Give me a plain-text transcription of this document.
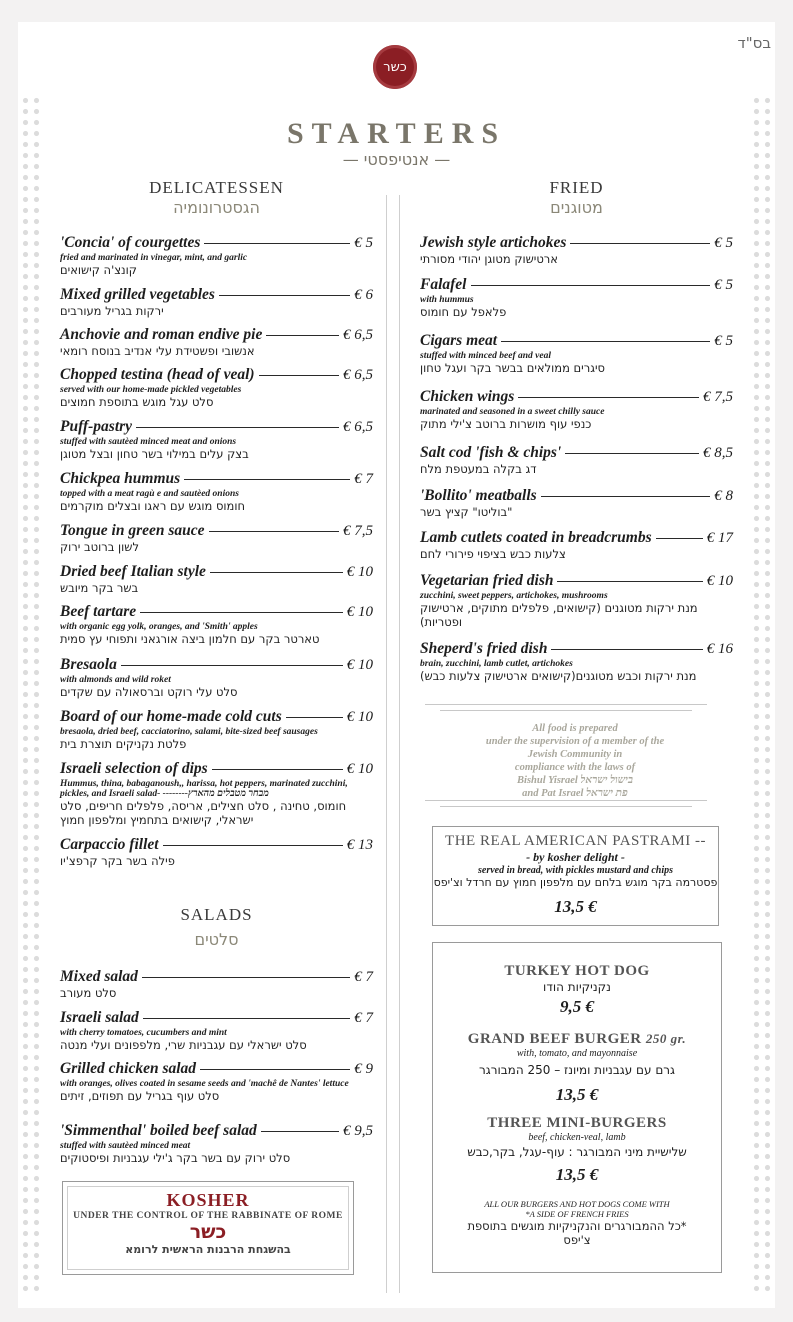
בס"ד
כשר
STARTERS
— אנטיפסטי —
DELICATESSEN
הגסטרונומיה
FRIED
מטוגנים
SALADS
סלטים
'Concia' of courgettes	€ 5
fried and marinated in vinegar, mint, and garlic
קונצ'ה קישואים
Mixed grilled vegetables	€ 6
ירקות בגריל מעורבים
Anchovie and roman endive pie	€ 6,5
אנשובי ופשטידת עלי אנדיב בנוסח רומאי
Chopped testina (head of veal)	€ 6,5
served with our home-made pickled vegetables
סלט עגל מוגש בתוספת חמוצים
Puff-pastry	€ 6,5
stuffed with sautèed minced meat and onions
בצק עלים במילוי בשר טחון ובצל מטוגן
Chickpea hummus	€ 7
topped with a meat ragù e and sautèed onions
חומוס מוגש עם ראגו ובצלים מוקרמים
Tongue in green sauce	€ 7,5
לשון ברוטב ירוק
Dried beef Italian style	€ 10
בשר בקר מיובש
Beef tartare	€ 10
with organic egg yolk, oranges, and 'Smith' apples
טארטר בקר עם חלמון ביצה אורגאני ותפוחי עץ סמית
Bresaola	€ 10
with almonds and wild roket
סלט עלי רוקט וברסאולה עם שקדים
Board of our home-made cold cuts	€ 10
bresaola, dried beef, cacciatorino, salami, bite-sized beef sausages
פלטת נקניקים תוצרת בית
Israeli selection of dips	€ 10
Hummus, thina, babaganoush,, harissa, hot peppers, marinated zucchini, pickles, and Israeli salad- --------מבחר מטבלים מהארץ
חומוס, טחינה , סלט חצילים, אריסה, פלפלים חריפים, סלט ישראלי, קישואים בתחמיץ ומלפפון חמוץ
Carpaccio fillet	€ 13
פילה בשר בקר קרפצ'יו
Mixed salad	€ 7
סלט מעורב
Israeli salad	€ 7
with cherry tomatoes, cucumbers and mint
סלט ישראלי עם עגבניות שרי, מלפפונים ועלי מנטה
Grilled chicken salad	€ 9
with oranges, olives coated in sesame seeds and 'machê de Nantes' lettuce
סלט עוף בגריל עם תפוזים, זיתים
'Simmenthal' boiled beef salad	€ 9,5
stuffed with sautèed minced meat
סלט ירוק עם בשר בקר ג'ילי עגבניות ופיסטוקים
Jewish style artichokes	€ 5
ארטישוק מטוגן יהודי מסורתי
Falafel	€ 5
with hummus
פלאפל עם חומוס
Cigars meat	€ 5
stuffed with minced beef and veal
סיגרים ממולאים בבשר בקר ועגל טחון
Chicken wings	€ 7,5
marinated and seasoned in a sweet chilly sauce
כנפי עוף מושרות ברוטב צ'ילי מתוק
Salt cod 'fish & chips'	€ 8,5
דג בקלה במעטפת מלח
'Bollito' meatballs	€ 8
"בוליטו" קציץ בשר
Lamb cutlets coated in breadcrumbs	€ 17
צלעות כבש בציפוי פירורי לחם
Vegetarian fried dish	€ 10
zucchini, sweet peppers, artichokes, mushrooms
מנת ירקות מטוגנים (קישואים, פלפלים מתוקים, ארטישוק ופטריות)
Sheperd's fried dish	€ 16
brain, zucchini, lamb cutlet, artichokes
מנת ירקות וכבש מטוגנים(קישואים ארטישוק צלעות כבש)
All food is prepared
under the supervision of a member of the
Jewish Community in
compliance with the laws of
Bishul Yisrael בישול ישראל
and Pat Israel פת ישראל
THE REAL AMERICAN PASTRAMI --
- by kosher delight -
served in bread, with pickles mustard and chips
פסטרמה בקר מוגש בלחם עם מלפפון חמוץ עם חרדל וצ'יפס
13,5 €
TURKEY HOT DOG
נקניקיות הודו
9,5 €
GRAND BEEF BURGER 250 gr.
with, tomato, and mayonnaise
גרם עם עגבניות ומיונז – 250 המבורגר
13,5 €
THREE MINI-BURGERS
beef, chicken-veal, lamb
שלישיית מיני המבורגר : עוף-עגל, בקר,כבש
13,5 €
ALL OUR BURGERS AND HOT DOGS COME WITH
*A SIDE OF FRENCH FRIES
*כל ההמבורגרים והנקניקיות מוגשים בתוספת צ'יפס
KOSHER
UNDER THE CONTROL OF THE RABBINATE OF ROME
כשר
בהשגחת הרבנות הראשית לרומא
